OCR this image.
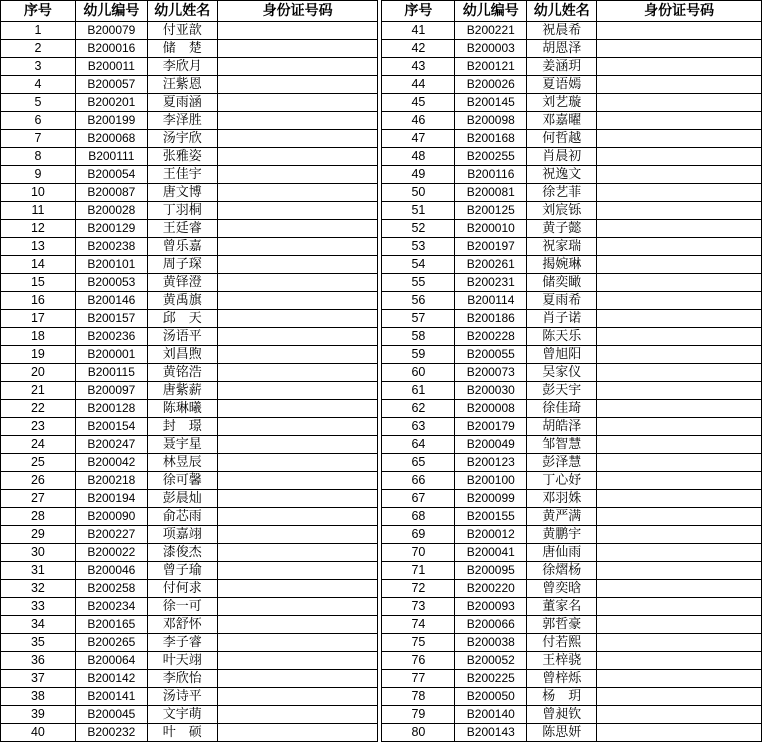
序号	幼儿编号	幼儿姓名	身份证号码		序号	幼儿编号	幼儿姓名	身份证号码
1	B200079	付亚歆			41	B200221	祝晨希	
2	B200016	储　楚			42	B200003	胡恩泽	
3	B200011	李欣月			43	B200121	姜涵玥	
4	B200057	汪紫恩			44	B200026	夏语嫣	
5	B200201	夏雨涵			45	B200145	刘艺璇	
6	B200199	李泽胜			46	B200098	邓嘉曜	
7	B200068	汤宇欣			47	B200168	何哲越	
8	B200111	张雅姿			48	B200255	肖晨初	
9	B200054	王佳宇			49	B200116	祝逸文	
10	B200087	唐文博			50	B200081	徐艺菲	
11	B200028	丁羽桐			51	B200125	刘宸铄	
12	B200129	王廷睿			52	B200010	黄子懿	
13	B200238	曾乐嘉			53	B200197	祝家瑞	
14	B200101	周子琛			54	B200261	揭婉琳	
15	B200053	黄铎澄			55	B200231	储奕瞰	
16	B200146	黄禹旗			56	B200114	夏雨希	
17	B200157	邱　天			57	B200186	肖子诺	
18	B200236	汤语平			58	B200228	陈天乐	
19	B200001	刘昌煦			59	B200055	曾旭阳	
20	B200115	黄铭浩			60	B200073	吴家仪	
21	B200097	唐紫薪			61	B200030	彭天宇	
22	B200128	陈琳曦			62	B200008	徐佳琦	
23	B200154	封　璟			63	B200179	胡皓泽	
24	B200247	聂宇星			64	B200049	邹智慧	
25	B200042	林昱辰			65	B200123	彭泽慧	
26	B200218	徐可馨			66	B200100	丁心妤	
27	B200194	彭晨灿			67	B200099	邓羽姝	
28	B200090	俞芯雨			68	B200155	黄严满	
29	B200227	项嘉翊			69	B200012	黄鹏宇	
30	B200022	漆俊杰			70	B200041	唐仙雨	
31	B200046	曾子瑜			71	B200095	徐熠杨	
32	B200258	付何求			72	B200220	曾奕晗	
33	B200234	徐一可			73	B200093	董家名	
34	B200165	邓舒怀			74	B200066	郭哲豪	
35	B200265	李子睿			75	B200038	付若熙	
36	B200064	叶天翊			76	B200052	王梓骁	
37	B200142	李欣怡			77	B200225	曾梓烁	
38	B200141	汤诗平			78	B200050	杨　玥	
39	B200045	文宇萌			79	B200140	曾昶钦	
40	B200232	叶　硕			80	B200143	陈思妍	
